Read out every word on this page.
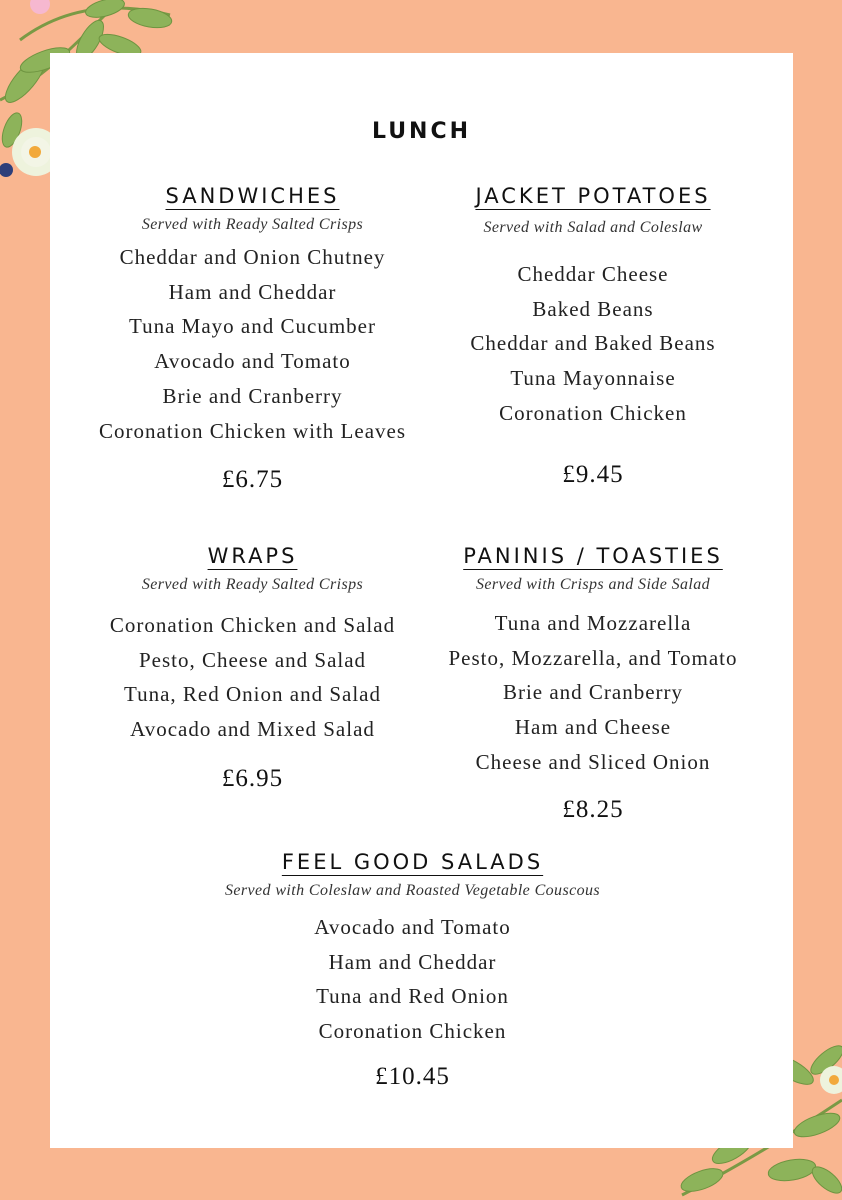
LUNCH
SANDWICHES
Served with Ready Salted Crisps
Cheddar and Onion Chutney
Ham and Cheddar
Tuna Mayo and Cucumber
Avocado and Tomato
Brie and Cranberry
Coronation Chicken with Leaves
£6.75
JACKET POTATOES
Served with Salad and Coleslaw
Cheddar Cheese
Baked Beans
Cheddar and Baked Beans
Tuna Mayonnaise
Coronation Chicken
£9.45
WRAPS
Served with Ready Salted Crisps
Coronation Chicken and Salad
Pesto, Cheese and Salad
Tuna, Red Onion and Salad
Avocado and Mixed Salad
£6.95
PANINIS / TOASTIES
Served with Crisps and Side Salad
Tuna and Mozzarella
Pesto, Mozzarella, and Tomato
Brie and Cranberry
Ham and Cheese
Cheese and Sliced Onion
£8.25
FEEL GOOD SALADS
Served with Coleslaw and Roasted Vegetable Couscous
Avocado and Tomato
Ham and Cheddar
Tuna and Red Onion
Coronation Chicken
£10.45
